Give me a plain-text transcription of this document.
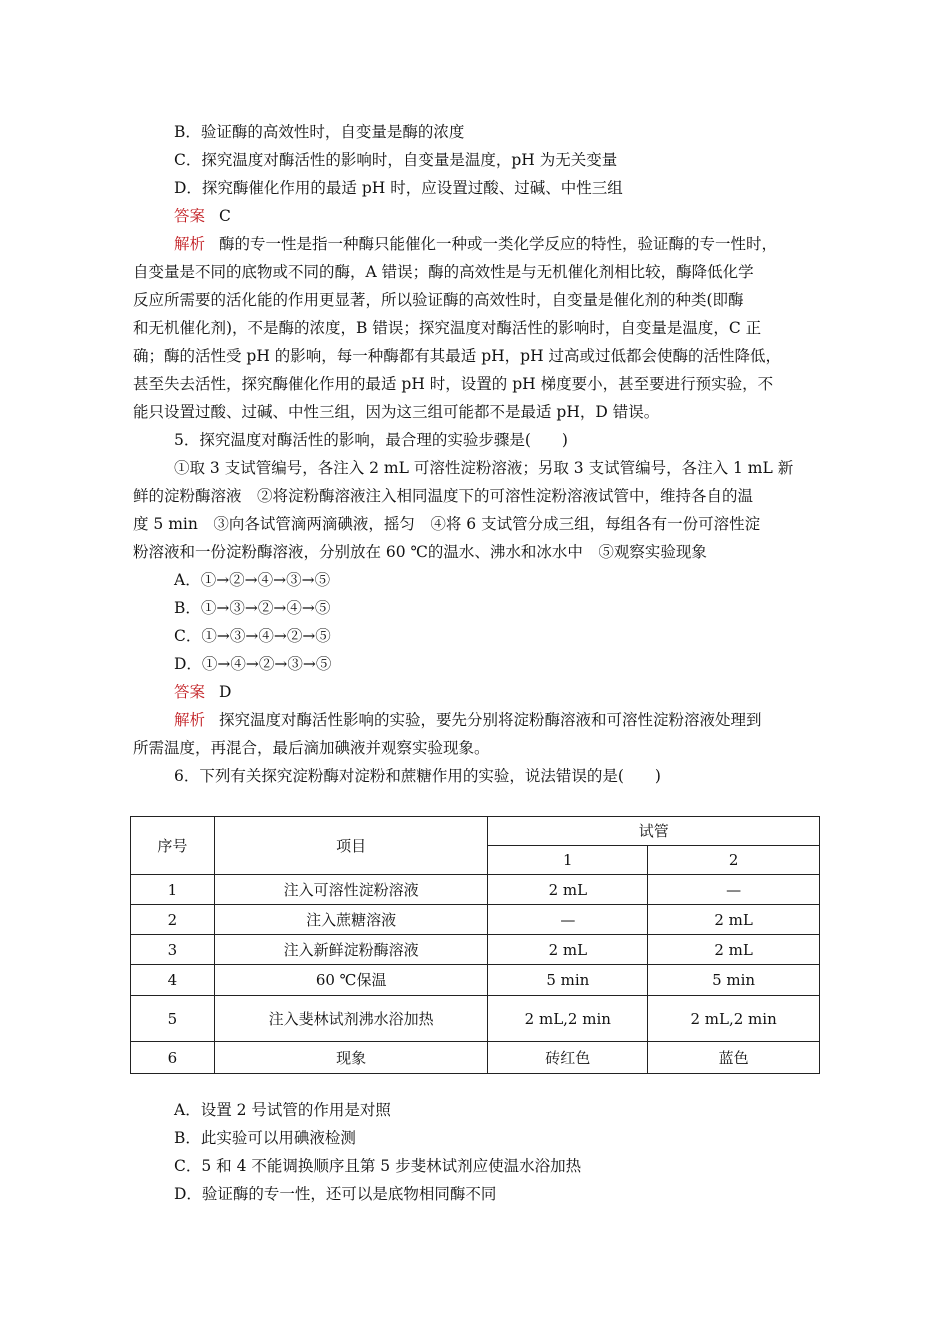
B．验证酶的高效性时，自变量是酶的浓度
C．探究温度对酶活性的影响时，自变量是温度，pH 为无关变量
D．探究酶催化作用的最适 pH 时，应设置过酸、过碱、中性三组
答案 C
解析 酶的专一性是指一种酶只能催化一种或一类化学反应的特性，验证酶的专一性时，
自变量是不同的底物或不同的酶，A 错误；酶的高效性是与无机催化剂相比较，酶降低化学
反应所需要的活化能的作用更显著，所以验证酶的高效性时，自变量是催化剂的种类(即酶
和无机催化剂)，不是酶的浓度，B 错误；探究温度对酶活性的影响时，自变量是温度，C 正
确；酶的活性受 pH 的影响，每一种酶都有其最适 pH，pH 过高或过低都会使酶的活性降低，
甚至失去活性，探究酶催化作用的最适 pH 时，设置的 pH 梯度要小，甚至要进行预实验，不
能只设置过酸、过碱、中性三组，因为这三组可能都不是最适 pH，D 错误。
5．探究温度对酶活性的影响，最合理的实验步骤是(　　)
①取 3 支试管编号，各注入 2 mL 可溶性淀粉溶液；另取 3 支试管编号，各注入 1 mL 新
鲜的淀粉酶溶液　②将淀粉酶溶液注入相同温度下的可溶性淀粉溶液试管中，维持各自的温
度 5 min　③向各试管滴两滴碘液，摇匀　④将 6 支试管分成三组，每组各有一份可溶性淀
粉溶液和一份淀粉酶溶液，分别放在 60 ℃的温水、沸水和冰水中　⑤观察实验现象
A．①→②→④→③→⑤
B．①→③→②→④→⑤
C．①→③→④→②→⑤
D．①→④→②→③→⑤
答案 D
解析 探究温度对酶活性影响的实验，要先分别将淀粉酶溶液和可溶性淀粉溶液处理到
所需温度，再混合，最后滴加碘液并观察实验现象。
6．下列有关探究淀粉酶对淀粉和蔗糖作用的实验，说法错误的是(　　)
序号	项目	试管	
		1	2
1	注入可溶性淀粉溶液	2 mL	—
2	注入蔗糖溶液	—	2 mL
3	注入新鲜淀粉酶溶液	2 mL	2 mL
4	60 ℃保温	5 min	5 min
5	注入斐林试剂沸水浴加热	2 mL,2 min	2 mL,2 min
6	现象	砖红色	蓝色
A．设置 2 号试管的作用是对照
B．此实验可以用碘液检测
C．5 和 4 不能调换顺序且第 5 步斐林试剂应使温水浴加热
D．验证酶的专一性，还可以是底物相同酶不同
